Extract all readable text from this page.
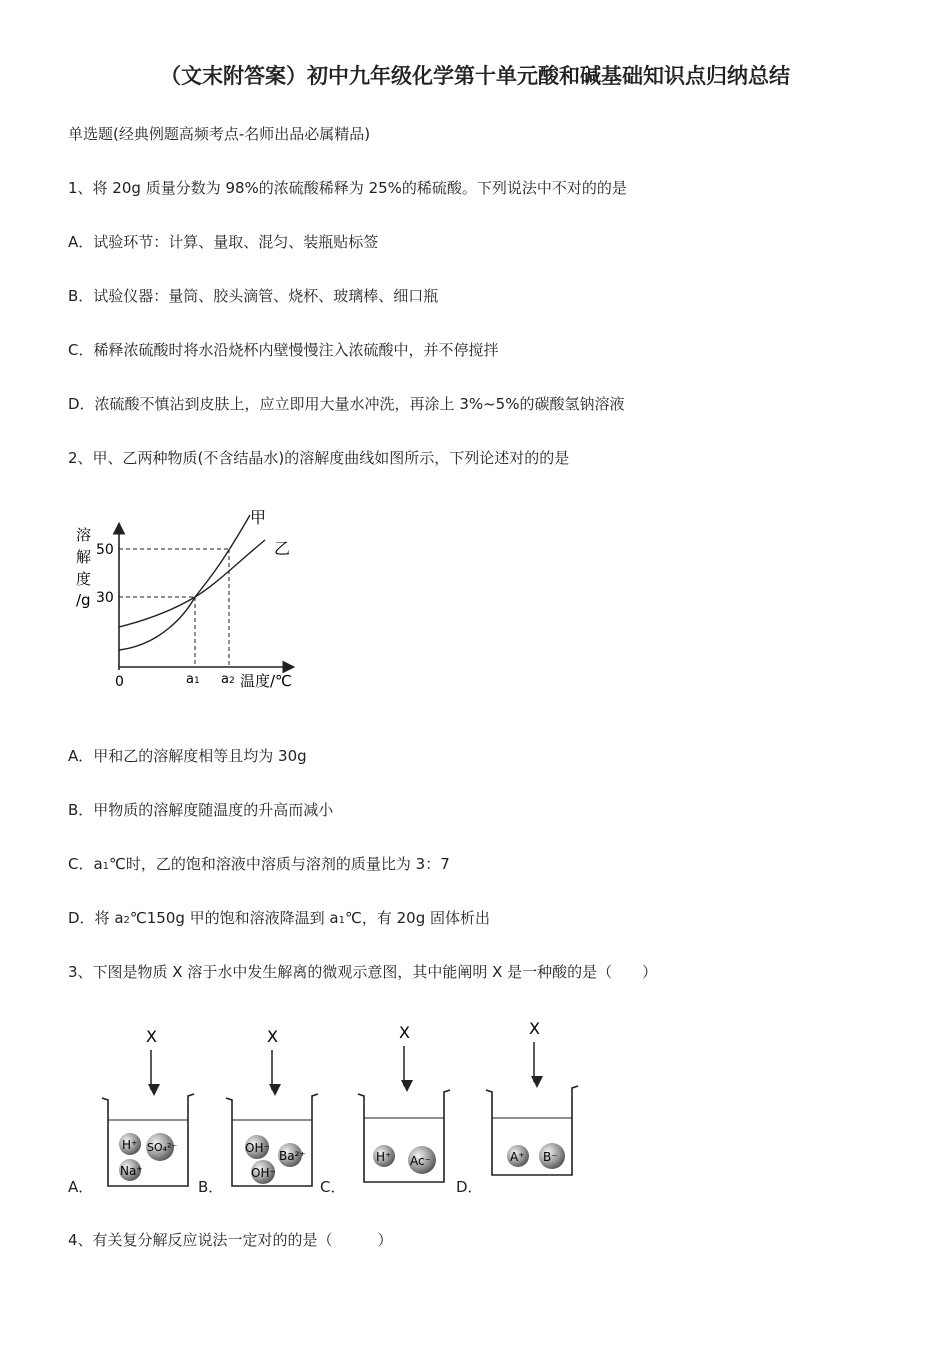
（文末附答案）初中九年级化学第十单元酸和碱基础知识点归纳总结
单选题(经典例题高频考点-名师出品必属精品)
1、将 20g 质量分数为 98%的浓硫酸稀释为 25%的稀硫酸。下列说法中不对的的是
A．试验环节：计算、量取、混匀、装瓶贴标签
B．试验仪器：量筒、胶头滴管、烧杯、玻璃棒、细口瓶
C．稀释浓硫酸时将水沿烧杯内壁慢慢注入浓硫酸中，并不停搅拌
D．浓硫酸不慎沾到皮肤上，应立即用大量水冲洗，再涂上 3%~5%的碳酸氢钠溶液
2、甲、乙两种物质(不含结晶水)的溶解度曲线如图所示，下列论述对的的是
溶
解
度
/g
50
30
甲
乙
0	a1 a2 温度/℃
A．甲和乙的溶解度相等且均为 30g
B．甲物质的溶解度随温度的升高而减小
C．a1℃时，乙的饱和溶液中溶质与溶剂的质量比为 3：7
D．将 a2℃150g 甲的饱和溶液降温到 a1℃，有 20g 固体析出
3、下图是物质 X 溶于水中发生解离的微观示意图，其中能阐明 X 是一种酸的是（　　）
X
H⁺ SO₄²⁻
Na⁺
X
OH⁻
Ba²⁺
OH⁻
X
H⁺ Ac⁻
X
A⁺ B⁻
A．	B．	C．	D．
4、有关复分解反应说法一定对的的是（　　　）
